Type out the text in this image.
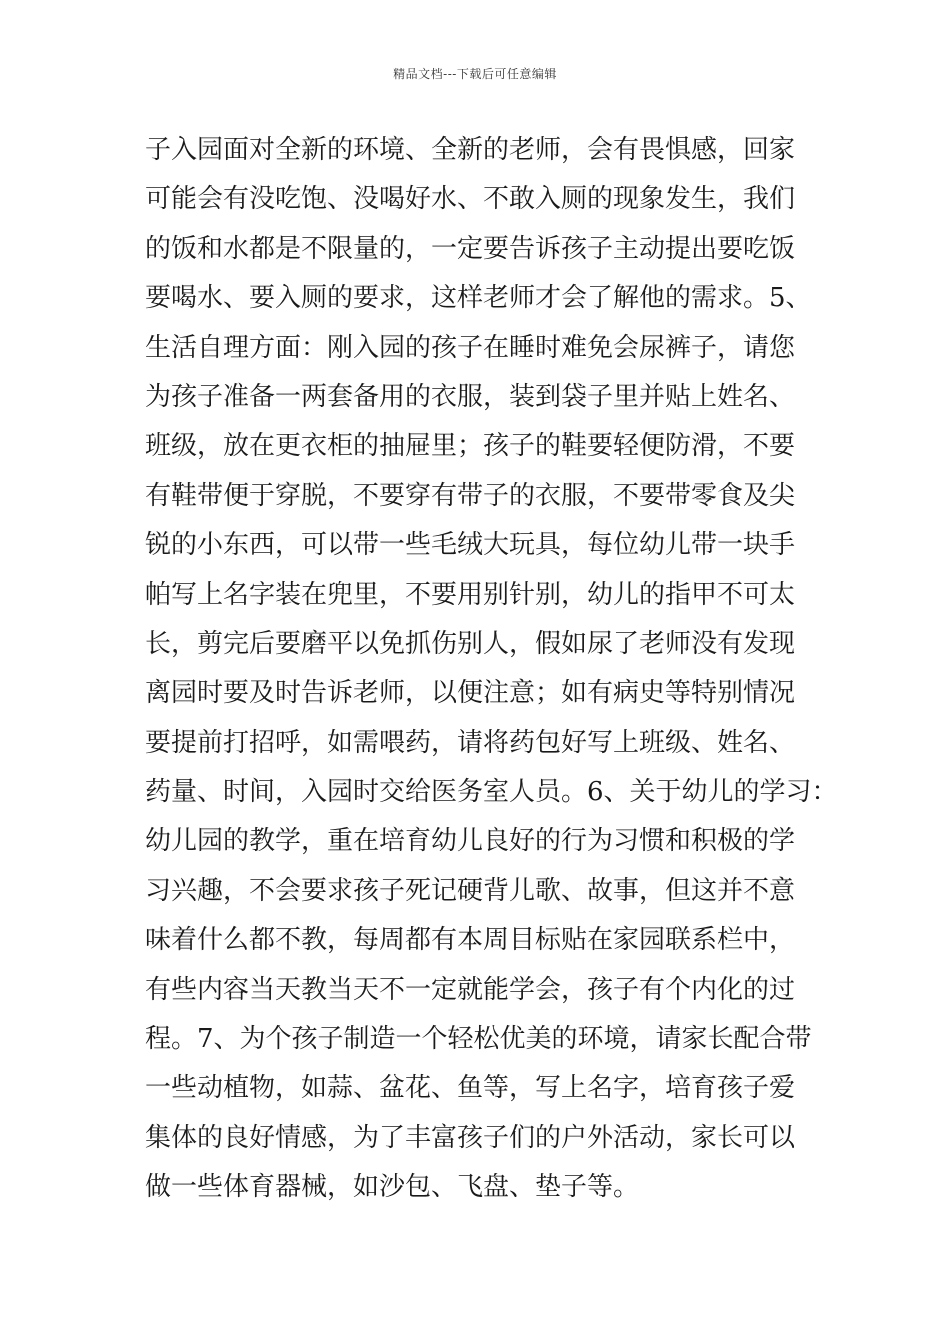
精品文档---下载后可任意编辑
子入园面对全新的环境、全新的老师，会有畏惧感，回家
可能会有没吃饱、没喝好水、不敢入厕的现象发生，我们
的饭和水都是不限量的，一定要告诉孩子主动提出要吃饭
要喝水、要入厕的要求，这样老师才会了解他的需求。5、
生活自理方面：刚入园的孩子在睡时难免会尿裤子，请您
为孩子准备一两套备用的衣服，装到袋子里并贴上姓名、
班级，放在更衣柜的抽屉里；孩子的鞋要轻便防滑，不要
有鞋带便于穿脱，不要穿有带子的衣服，不要带零食及尖
锐的小东西，可以带一些毛绒大玩具，每位幼儿带一块手
帕写上名字装在兜里，不要用别针别，幼儿的指甲不可太
长，剪完后要磨平以免抓伤别人，假如尿了老师没有发现
离园时要及时告诉老师，以便注意；如有病史等特别情况
要提前打招呼，如需喂药，请将药包好写上班级、姓名、
药量、时间，入园时交给医务室人员。6、关于幼儿的学习：
幼儿园的教学，重在培育幼儿良好的行为习惯和积极的学
习兴趣，不会要求孩子死记硬背儿歌、故事，但这并不意
味着什么都不教，每周都有本周目标贴在家园联系栏中，
有些内容当天教当天不一定就能学会，孩子有个内化的过
程。7、为个孩子制造一个轻松优美的环境，请家长配合带
一些动植物，如蒜、盆花、鱼等，写上名字，培育孩子爱
集体的良好情感，为了丰富孩子们的户外活动，家长可以
做一些体育器械，如沙包、飞盘、垫子等。
